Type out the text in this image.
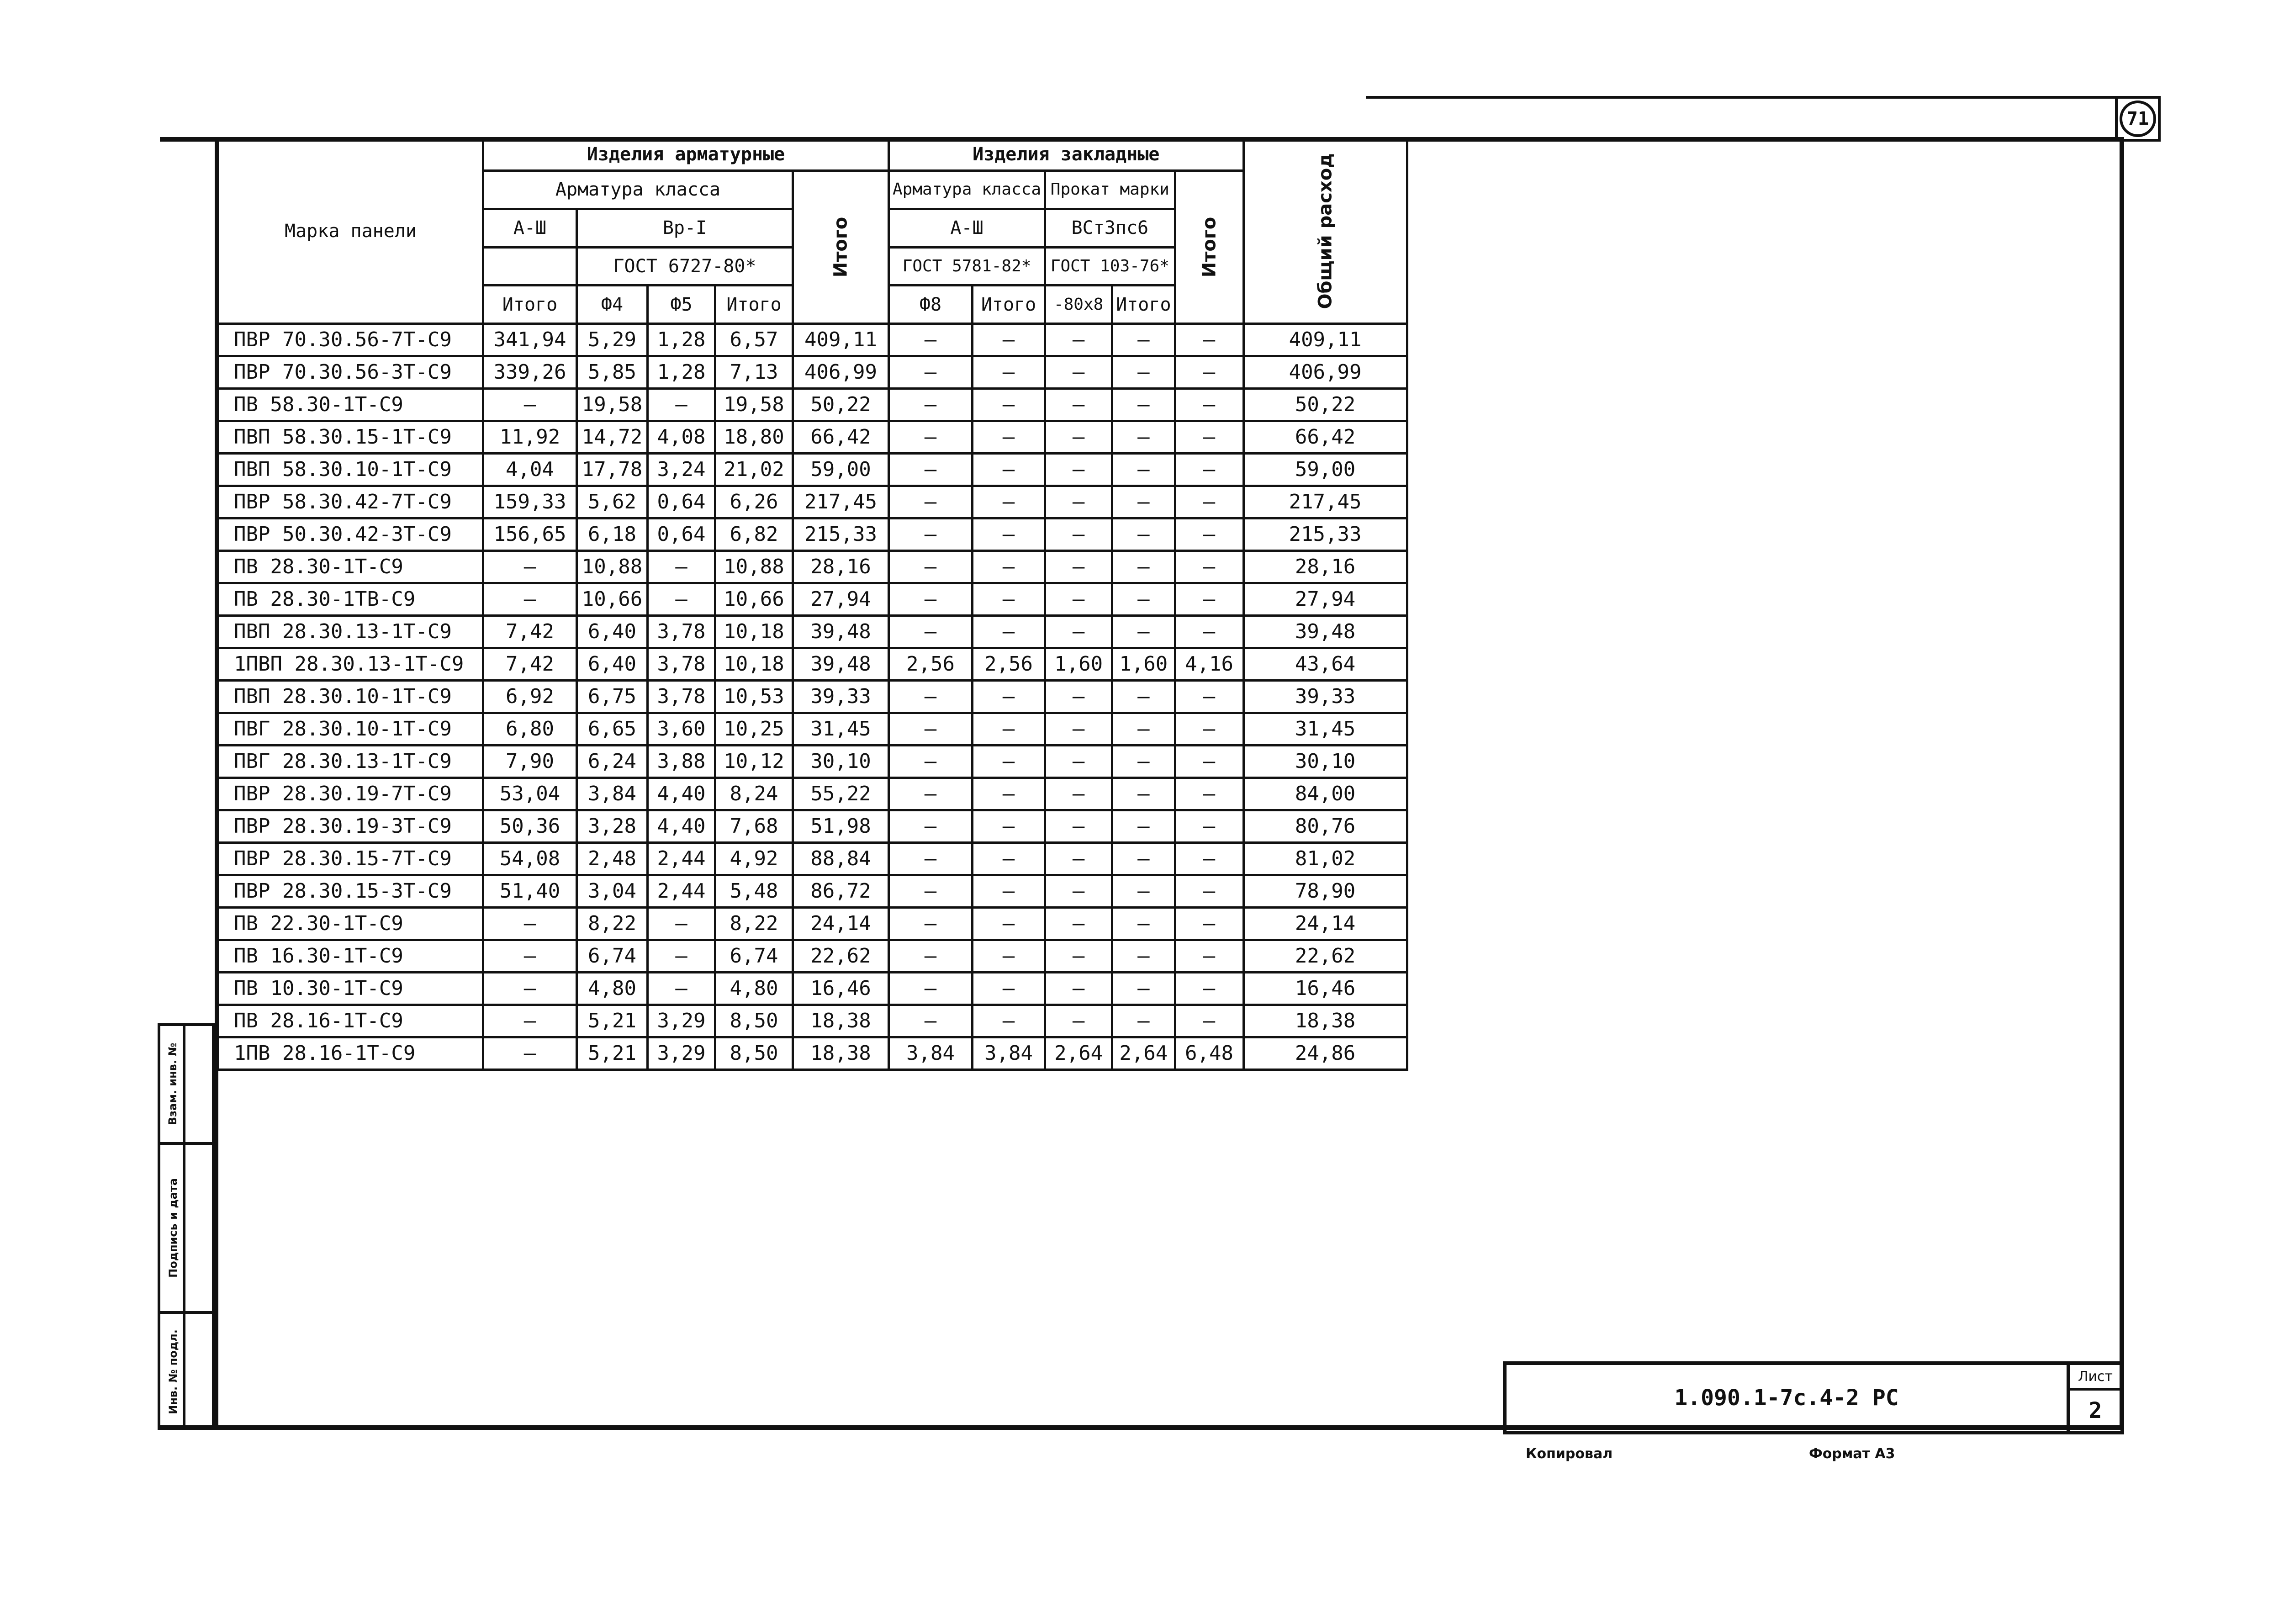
71
Взам. инв. №
Подпись и дата
Инв. № подл.
Марка панели	Изделия арматурные					Изделия закладные					Общий расход

	Арматура класса				Итого	Арматура класса		Прокат марки		Итого	

	А-Ш	Вр-I				А-Ш		ВСт3пс6			
		ГОСТ 6727-80*				ГОСТ 5781-82*		ГОСТ 103-76*			
	Итого	Ф4	Ф5	Итого		Ф8	Итого	-80х8	Итого		
ПВР 70.30.56-7Т-С9	341,94	5,29	1,28	6,57	409,11	–	–	–	–	–	409,11
ПВР 70.30.56-3Т-С9	339,26	5,85	1,28	7,13	406,99	–	–	–	–	–	406,99
ПВ 58.30-1Т-С9	–	19,58	–	19,58	50,22	–	–	–	–	–	50,22
ПВП 58.30.15-1Т-С9	11,92	14,72	4,08	18,80	66,42	–	–	–	–	–	66,42
ПВП 58.30.10-1Т-С9	4,04	17,78	3,24	21,02	59,00	–	–	–	–	–	59,00
ПВР 58.30.42-7Т-С9	159,33	5,62	0,64	6,26	217,45	–	–	–	–	–	217,45
ПВР 50.30.42-3Т-С9	156,65	6,18	0,64	6,82	215,33	–	–	–	–	–	215,33
ПВ 28.30-1Т-С9	–	10,88	–	10,88	28,16	–	–	–	–	–	28,16
ПВ 28.30-1ТВ-С9	–	10,66	–	10,66	27,94	–	–	–	–	–	27,94
ПВП 28.30.13-1Т-С9	7,42	6,40	3,78	10,18	39,48	–	–	–	–	–	39,48
1ПВП 28.30.13-1Т-С9	7,42	6,40	3,78	10,18	39,48	2,56	2,56	1,60	1,60	4,16	43,64
ПВП 28.30.10-1Т-С9	6,92	6,75	3,78	10,53	39,33	–	–	–	–	–	39,33
ПВГ 28.30.10-1Т-С9	6,80	6,65	3,60	10,25	31,45	–	–	–	–	–	31,45
ПВГ 28.30.13-1Т-С9	7,90	6,24	3,88	10,12	30,10	–	–	–	–	–	30,10
ПВР 28.30.19-7Т-С9	53,04	3,84	4,40	8,24	55,22	–	–	–	–	–	84,00
ПВР 28.30.19-3Т-С9	50,36	3,28	4,40	7,68	51,98	–	–	–	–	–	80,76
ПВР 28.30.15-7Т-С9	54,08	2,48	2,44	4,92	88,84	–	–	–	–	–	81,02
ПВР 28.30.15-3Т-С9	51,40	3,04	2,44	5,48	86,72	–	–	–	–	–	78,90
ПВ 22.30-1Т-С9	–	8,22	–	8,22	24,14	–	–	–	–	–	24,14
ПВ 16.30-1Т-С9	–	6,74	–	6,74	22,62	–	–	–	–	–	22,62
ПВ 10.30-1Т-С9	–	4,80	–	4,80	16,46	–	–	–	–	–	16,46
ПВ 28.16-1Т-С9	–	5,21	3,29	8,50	18,38	–	–	–	–	–	18,38
1ПВ 28.16-1Т-С9	–	5,21	3,29	8,50	18,38	3,84	3,84	2,64	2,64	6,48	24,86
1.090.1-7с.4-2 РС
Лист
2
Копировал	Формат А3
